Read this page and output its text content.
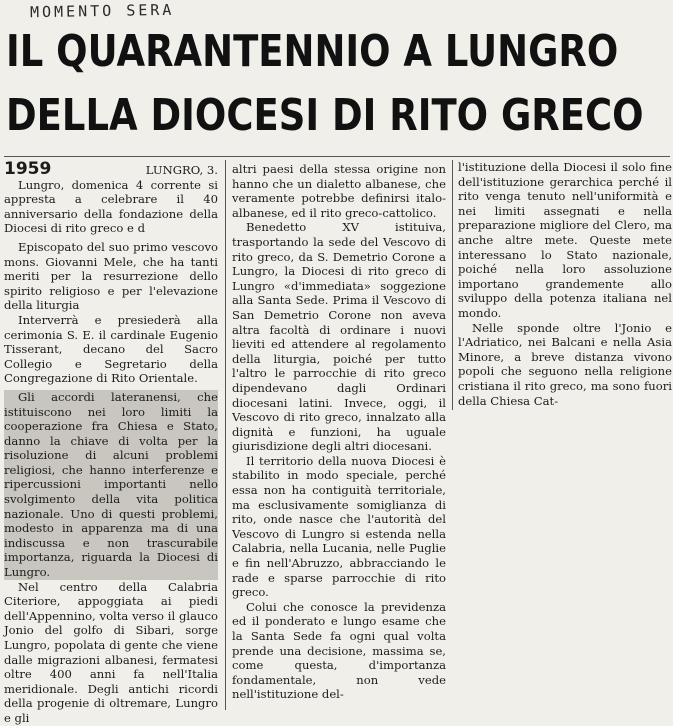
MOMENTO SERA
IL QUARANTENNIO A LUNGRO
DELLA DIOCESI DI RITO GRECO
1959	LUNGRO, 3.

Lungro, domenica 4 corrente si appresta a celebrare il 40 anniversario della fondazione della Diocesi di rito greco e d

Episcopato del suo primo vescovo mons. Giovanni Mele, che ha tanti meriti per la resurrezione dello spirito religioso e per l'elevazione della liturgia

Interverrà e presiederà alla cerimonia S. E. il cardinale Eugenio Tisserant, decano del Sacro Collegio e Segretario della Congregazione di Rito Orientale.

Gli accordi lateranensi, che istituiscono nei loro limiti la cooperazione fra Chiesa e Stato, danno la chiave di volta per la risoluzione di alcuni problemi religiosi, che hanno interferenze e ripercussioni importanti nello svolgimento della vita politica nazionale. Uno di questi problemi, modesto in apparenza ma di una indiscussa e non trascurabile importanza, riguarda la Diocesi di Lungro.

Nel centro della Calabria Citeriore, appoggiata ai piedi dell'Appennino, volta verso il glauco Jonio del golfo di Sibari, sorge Lungro, popolata di gente che viene dalle migrazioni albanesi, fermatesi oltre 400 anni fa nell'Italia meridionale. Degli antichi ricordi della progenie di oltremare, Lungro e gli

altri paesi della stessa origine non hanno che un dialetto albanese, che veramente potrebbe definirsi italo-albanese, ed il rito greco-cattolico.

Benedetto XV istituiva, trasportando la sede del Vescovo di rito greco, da S. Demetrio Corone a Lungro, la Diocesi di rito greco di Lungro «d'immediata» soggezione alla Santa Sede. Prima il Vescovo di San Demetrio Corone non aveva altra facoltà di ordinare i nuovi lieviti ed attendere al regolamento della liturgia, poiché per tutto l'altro le parrocchie di rito greco dipendevano dagli Ordinari diocesani latini. Invece, oggi, il Vescovo di rito greco, innalzato alla dignità e funzioni, ha uguale giurisdizione degli altri diocesani.

Il territorio della nuova Diocesi è stabilito in modo speciale, perché essa non ha contiguità territoriale, ma esclusivamente somiglianza di rito, onde nasce che l'autorità del Vescovo di Lungro si estenda nella Calabria, nella Lucania, nelle Puglie e fin nell'Abruzzo, abbracciando le rade e sparse parrocchie di rito greco.

Colui che conosce la previdenza ed il ponderato e lungo esame che la Santa Sede fa ogni qual volta prende una decisione, massima se, come questa, d'importanza fondamentale, non vede nell'istituzione del-

l'istituzione della Diocesi il solo fine dell'istituzione gerarchica perché il rito venga tenuto nell'uniformità e nei limiti assegnati e nella preparazione migliore del Clero, ma anche altre mete. Queste mete interessano lo Stato nazionale, poiché nella loro assoluzione importano grandemente allo sviluppo della potenza italiana nel mondo.

Nelle sponde oltre l'Jonio e l'Adriatico, nei Balcani e nella Asia Minore, a breve distanza vivono popoli che seguono nella religione cristiana il rito greco, ma sono fuori della Chiesa Cat-
